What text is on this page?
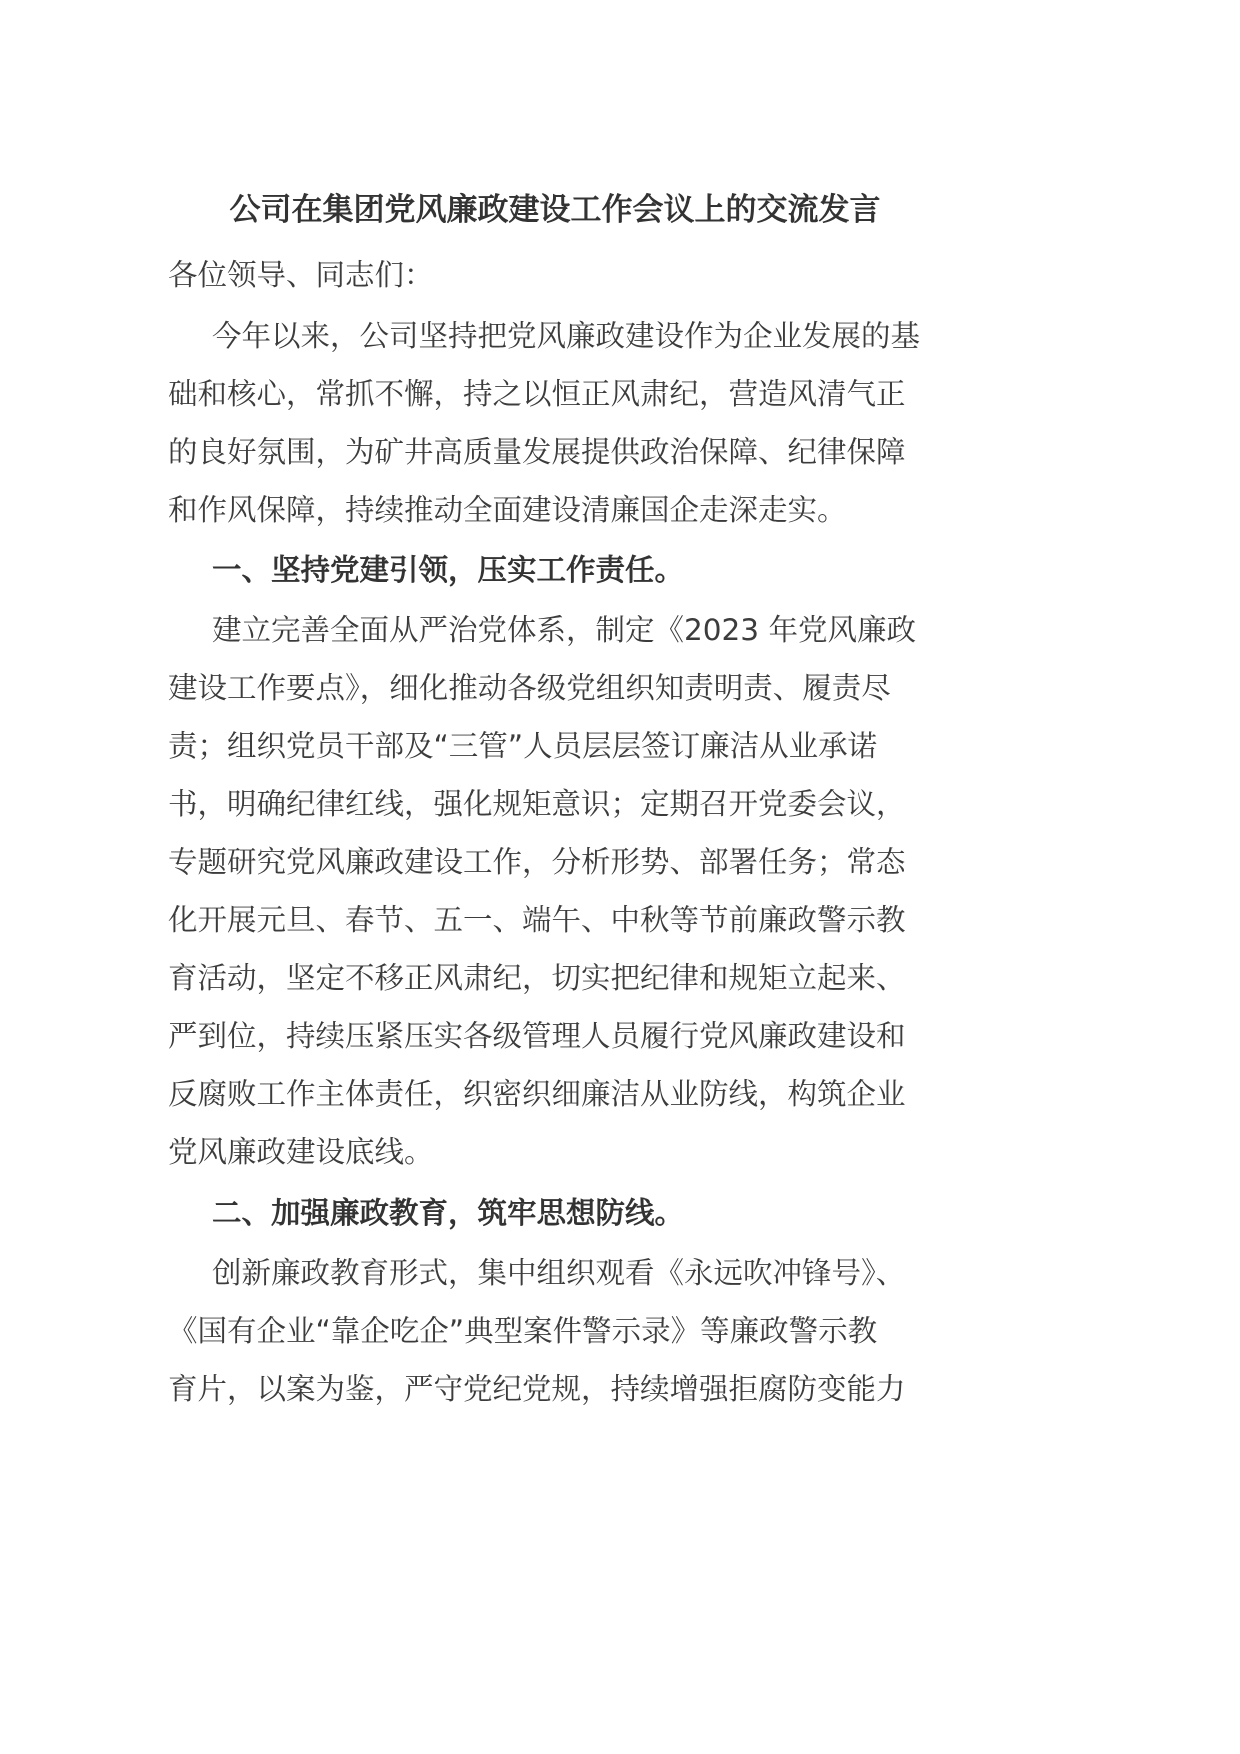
公司在集团党风廉政建设工作会议上的交流发言
各位领导、同志们：
今年以来，公司坚持把党风廉政建设作为企业发展的基
础和核心，常抓不懈，持之以恒正风肃纪，营造风清气正
的良好氛围，为矿井高质量发展提供政治保障、纪律保障
和作风保障，持续推动全面建设清廉国企走深走实。
一、坚持党建引领，压实工作责任。
建立完善全面从严治党体系，制定《2023 年党风廉政
建设工作要点》，细化推动各级党组织知责明责、履责尽
责；组织党员干部及“三管”人员层层签订廉洁从业承诺
书，明确纪律红线，强化规矩意识；定期召开党委会议，
专题研究党风廉政建设工作，分析形势、部署任务；常态
化开展元旦、春节、五一、端午、中秋等节前廉政警示教
育活动，坚定不移正风肃纪，切实把纪律和规矩立起来、
严到位，持续压紧压实各级管理人员履行党风廉政建设和
反腐败工作主体责任，织密织细廉洁从业防线，构筑企业
党风廉政建设底线。
二、加强廉政教育，筑牢思想防线。
创新廉政教育形式，集中组织观看《永远吹冲锋号》、
《国有企业“靠企吃企”典型案件警示录》等廉政警示教
育片，以案为鉴，严守党纪党规，持续增强拒腐防变能力
